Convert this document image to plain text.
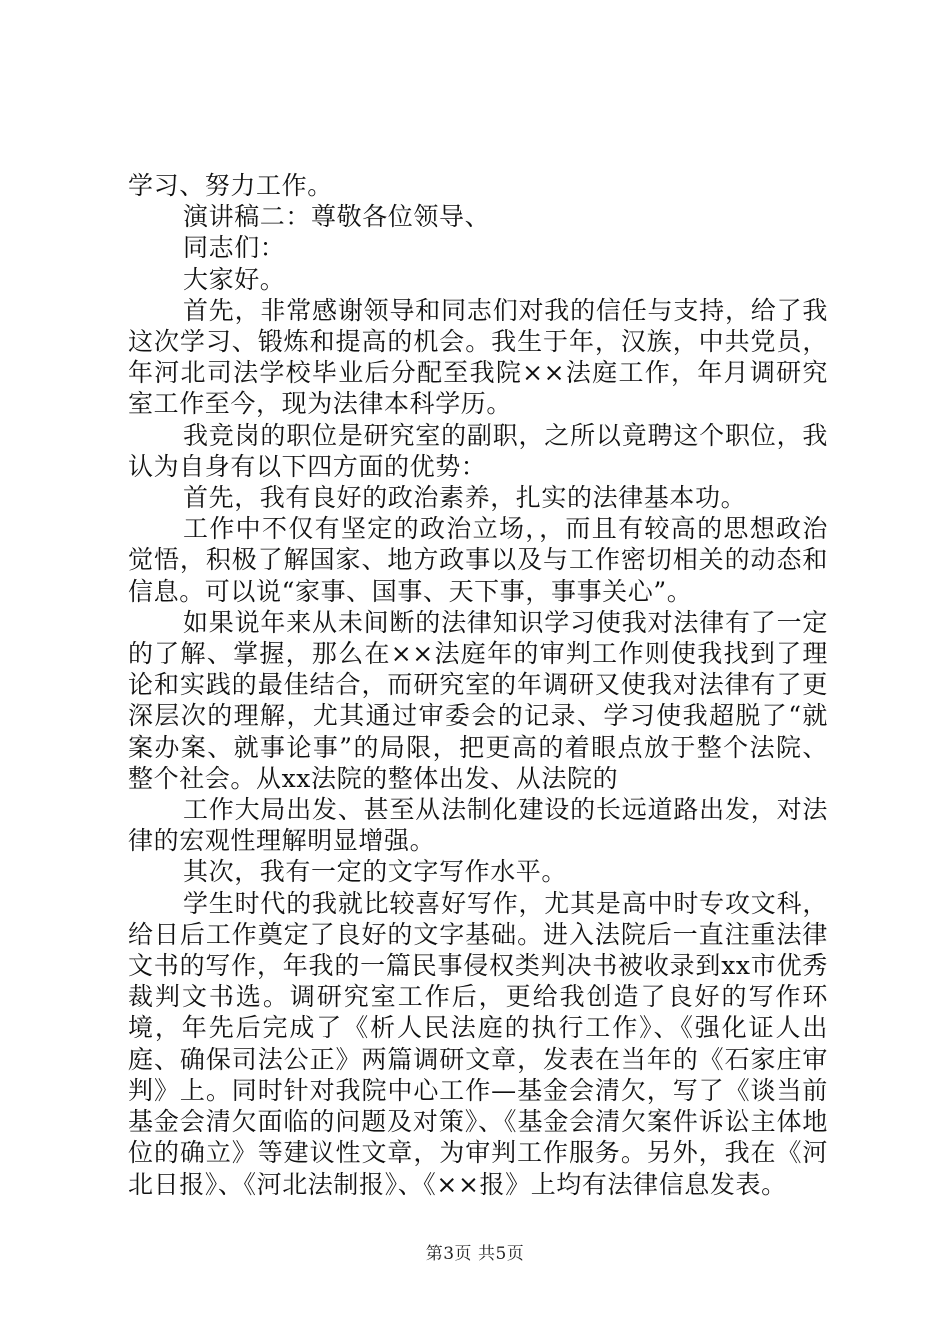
学习、努力工作。

演讲稿二：尊敬各位领导、

同志们：

大家好。

首先，非常感谢领导和同志们对我的信任与支持，给了我这次学习、锻炼和提高的机会。我生于年，汉族，中共党员，年河北司法学校毕业后分配至我院××法庭工作，年月调研究室工作至今，现为法律本科学历。

我竞岗的职位是研究室的副职，之所以竟聘这个职位，我认为自身有以下四方面的优势：

首先，我有良好的政治素养，扎实的法律基本功。

工作中不仅有坚定的政治立场，，而且有较高的思想政治觉悟，积极了解国家、地方政事以及与工作密切相关的动态和信息。可以说“家事、国事、天下事，事事关心”。

如果说年来从未间断的法律知识学习使我对法律有了一定的了解、掌握，那么在××法庭年的审判工作则使我找到了理论和实践的最佳结合，而研究室的年调研又使我对法律有了更深层次的理解，尤其通过审委会的记录、学习使我超脱了“就案办案、就事论事”的局限，把更高的着眼点放于整个法院、整个社会。从xx法院的整体出发、从法院的

工作大局出发、甚至从法制化建设的长远道路出发，对法律的宏观性理解明显增强。

其次，我有一定的文字写作水平。

学生时代的我就比较喜好写作，尤其是高中时专攻文科，给日后工作奠定了良好的文字基础。进入法院后一直注重法律文书的写作，年我的一篇民事侵权类判决书被收录到xx市优秀裁判文书选。调研究室工作后，更给我创造了良好的写作环境，年先后完成了《析人民法庭的执行工作》、《强化证人出庭、确保司法公正》两篇调研文章，发表在当年的《石家庄审判》上。同时针对我院中心工作—基金会清欠，写了《谈当前基金会清欠面临的问题及对策》、《基金会清欠案件诉讼主体地位的确立》等建议性文章，为审判工作服务。另外，我在《河北日报》、《河北法制报》、《××报》上均有法律信息发表。

第3页 共5页
